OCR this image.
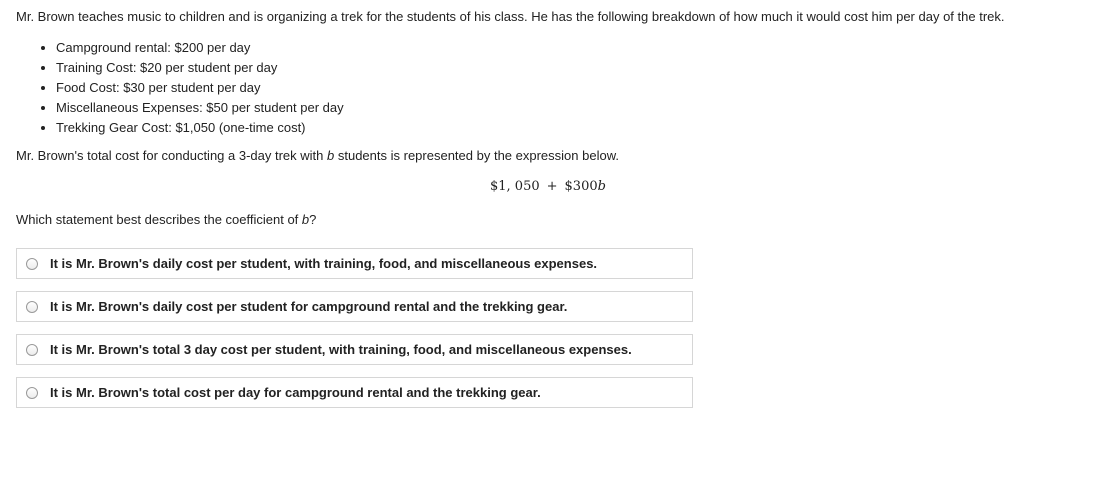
Mr. Brown teaches music to children and is organizing a trek for the students of his class. He has the following breakdown of how much it would cost him per day of the trek.

• Campground rental: $200 per day
• Training Cost: $20 per student per day
• Food Cost: $30 per student per day
• Miscellaneous Expenses: $50 per student per day
• Trekking Gear Cost: $1,050 (one-time cost)

Mr. Brown's total cost for conducting a 3-day trek with b students is represented by the expression below.

$1, 050 + $300b

Which statement best describes the coefficient of b?

It is Mr. Brown's daily cost per student, with training, food, and miscellaneous expenses.
It is Mr. Brown's daily cost per student for campground rental and the trekking gear.
It is Mr. Brown's total 3 day cost per student, with training, food, and miscellaneous expenses.
It is Mr. Brown's total cost per day for campground rental and the trekking gear.
